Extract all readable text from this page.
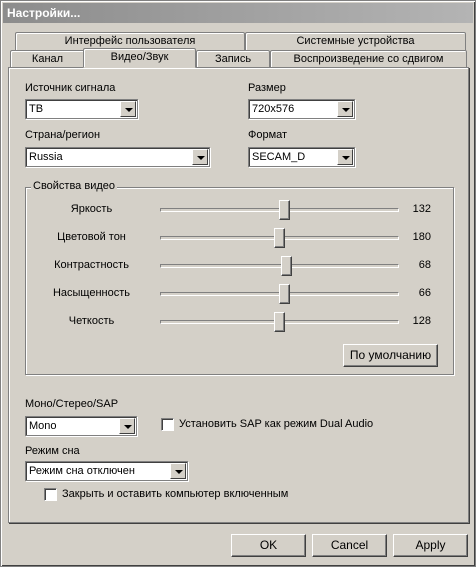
Настройки...
Интерфейс пользователя	Системные устройства
Канал	Видео/Звук	Запись	Воспроизведение со сдвигом
Источник сигнала
ТВ
Размер
720x576
Страна/регион
Russia
Формат
SECAM_D
Свойства видео
Яркость	132
Цветовой тон	180
Контрастность	68
Насыщенность	66
Четкость	128
По умолчанию
Моно/Стерео/SAP
Mono	Установить SAP как режим Dual Audio
Режим сна
Режим сна отключен
Закрыть и оставить компьютер включенным
OK	Cancel	Apply
